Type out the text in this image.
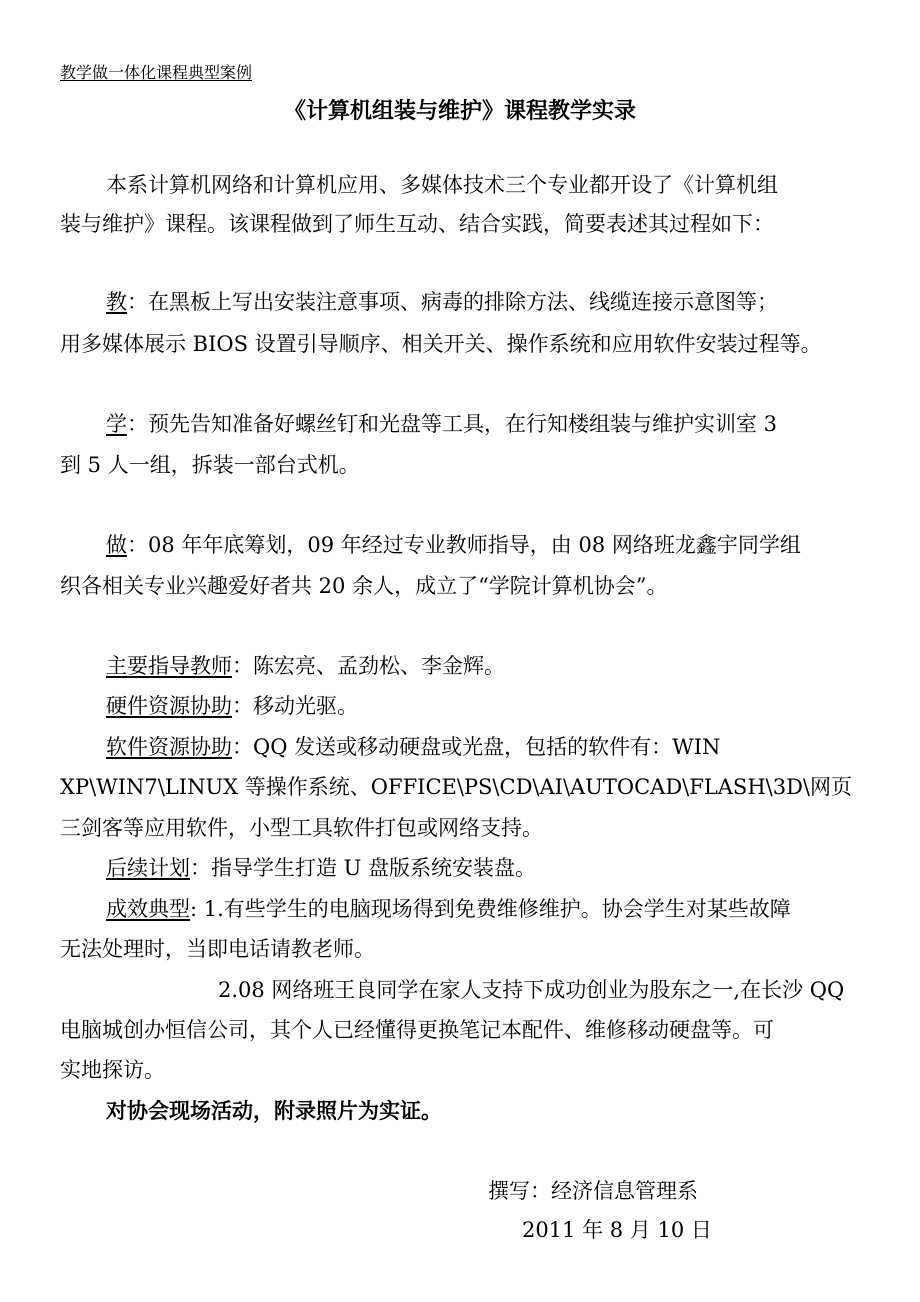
教学做一体化课程典型案例
《计算机组装与维护》课程教学实录
本系计算机网络和计算机应用、多媒体技术三个专业都开设了《计算机组
装与维护》课程。该课程做到了师生互动、结合实践，简要表述其过程如下：
教：在黑板上写出安装注意事项、病毒的排除方法、线缆连接示意图等；
用多媒体展示 BIOS 设置引导顺序、相关开关、操作系统和应用软件安装过程等。
学：预先告知准备好螺丝钉和光盘等工具，在行知楼组装与维护实训室 3
到 5 人一组，拆装一部台式机。
做：08 年年底筹划，09 年经过专业教师指导，由 08 网络班龙鑫宇同学组
织各相关专业兴趣爱好者共 20 余人，成立了“学院计算机协会”。
主要指导教师：陈宏亮、孟劲松、李金辉。
硬件资源协助：移动光驱。
软件资源协助：QQ 发送或移动硬盘或光盘，包括的软件有：WIN
XP\WIN7\LINUX 等操作系统、OFFICE\PS\CD\AI\AUTOCAD\FLASH\3D\网页
三剑客等应用软件，小型工具软件打包或网络支持。
后续计划：指导学生打造 U 盘版系统安装盘。
成效典型: 1.有些学生的电脑现场得到免费维修维护。协会学生对某些故障
无法处理时，当即电话请教老师。
2.08 网络班王良同学在家人支持下成功创业为股东之一,在长沙 QQ
电脑城创办恒信公司，其个人已经懂得更换笔记本配件、维修移动硬盘等。可
实地探访。
对协会现场活动，附录照片为实证。
撰写：经济信息管理系
2011 年 8 月 10 日
